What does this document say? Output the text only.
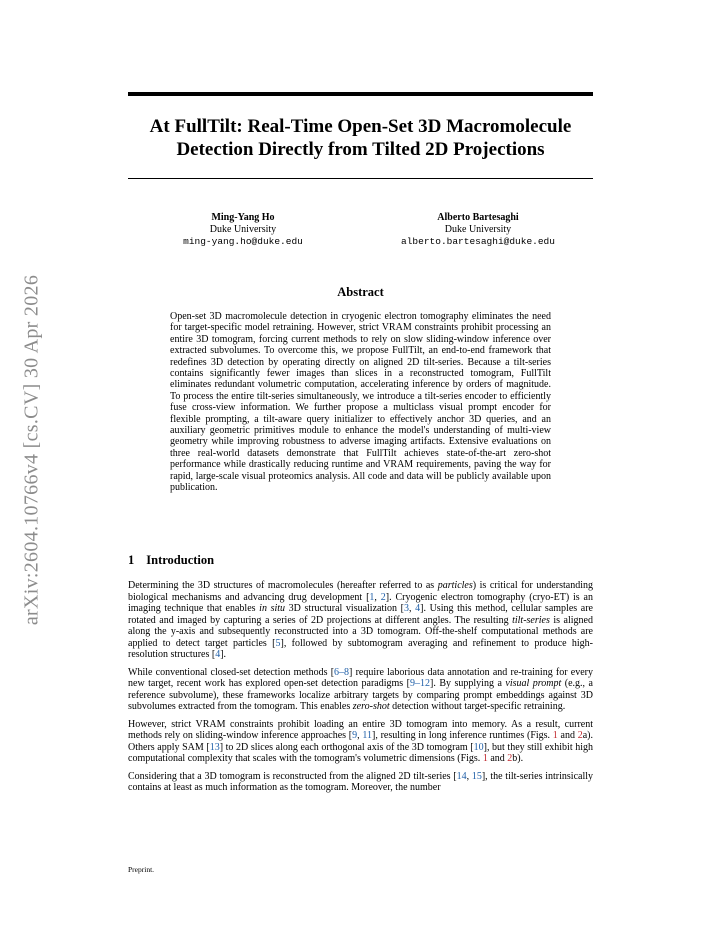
arXiv:2604.10766v4 [cs.CV] 30 Apr 2026
At FullTilt: Real-Time Open-Set 3D Macromolecule
Detection Directly from Tilted 2D Projections
Ming-Yang Ho
Duke University
ming-yang.ho@duke.edu
Alberto Bartesaghi
Duke University
alberto.bartesaghi@duke.edu
Abstract
Open-set 3D macromolecule detection in cryogenic electron tomography eliminates the need for target-specific model retraining. However, strict VRAM constraints prohibit processing an entire 3D tomogram, forcing current methods to rely on slow sliding-window inference over extracted subvolumes. To overcome this, we propose FullTilt, an end-to-end framework that redefines 3D detection by operating directly on aligned 2D tilt-series. Because a tilt-series contains significantly fewer images than slices in a reconstructed tomogram, FullTilt eliminates redundant volumetric computation, accelerating inference by orders of magnitude. To process the entire tilt-series simultaneously, we introduce a tilt-series encoder to efficiently fuse cross-view information. We further propose a multiclass visual prompt encoder for flexible prompting, a tilt-aware query initializer to effectively anchor 3D queries, and an auxiliary geometric primitives module to enhance the model's understanding of multi-view geometry while improving robustness to adverse imaging artifacts. Extensive evaluations on three real-world datasets demonstrate that FullTilt achieves state-of-the-art zero-shot performance while drastically reducing runtime and VRAM requirements, paving the way for rapid, large-scale visual proteomics analysis. All code and data will be publicly available upon publication.
1 Introduction

Determining the 3D structures of macromolecules (hereafter referred to as particles) is critical for understanding biological mechanisms and advancing drug development [1, 2]. Cryogenic electron tomography (cryo-ET) is an imaging technique that enables in situ 3D structural visualization [3, 4]. Using this method, cellular samples are rotated and imaged by capturing a series of 2D projections at different angles. The resulting tilt-series is aligned along the y-axis and subsequently reconstructed into a 3D tomogram. Off-the-shelf computational methods are applied to detect target particles [5], followed by subtomogram averaging and refinement to produce high-resolution structures [4].

While conventional closed-set detection methods [6–8] require laborious data annotation and re-training for every new target, recent work has explored open-set detection paradigms [9–12]. By supplying a visual prompt (e.g., a reference subvolume), these frameworks localize arbitrary targets by comparing prompt embeddings against 3D subvolumes extracted from the tomogram. This enables zero-shot detection without target-specific retraining.

However, strict VRAM constraints prohibit loading an entire 3D tomogram into memory. As a result, current methods rely on sliding-window inference approaches [9, 11], resulting in long inference runtimes (Figs. 1 and 2a). Others apply SAM [13] to 2D slices along each orthogonal axis of the 3D tomogram [10], but they still exhibit high computational complexity that scales with the tomogram's volumetric dimensions (Figs. 1 and 2b).

Considering that a 3D tomogram is reconstructed from the aligned 2D tilt-series [14, 15], the tilt-series intrinsically contains at least as much information as the tomogram. Moreover, the number

Preprint.
